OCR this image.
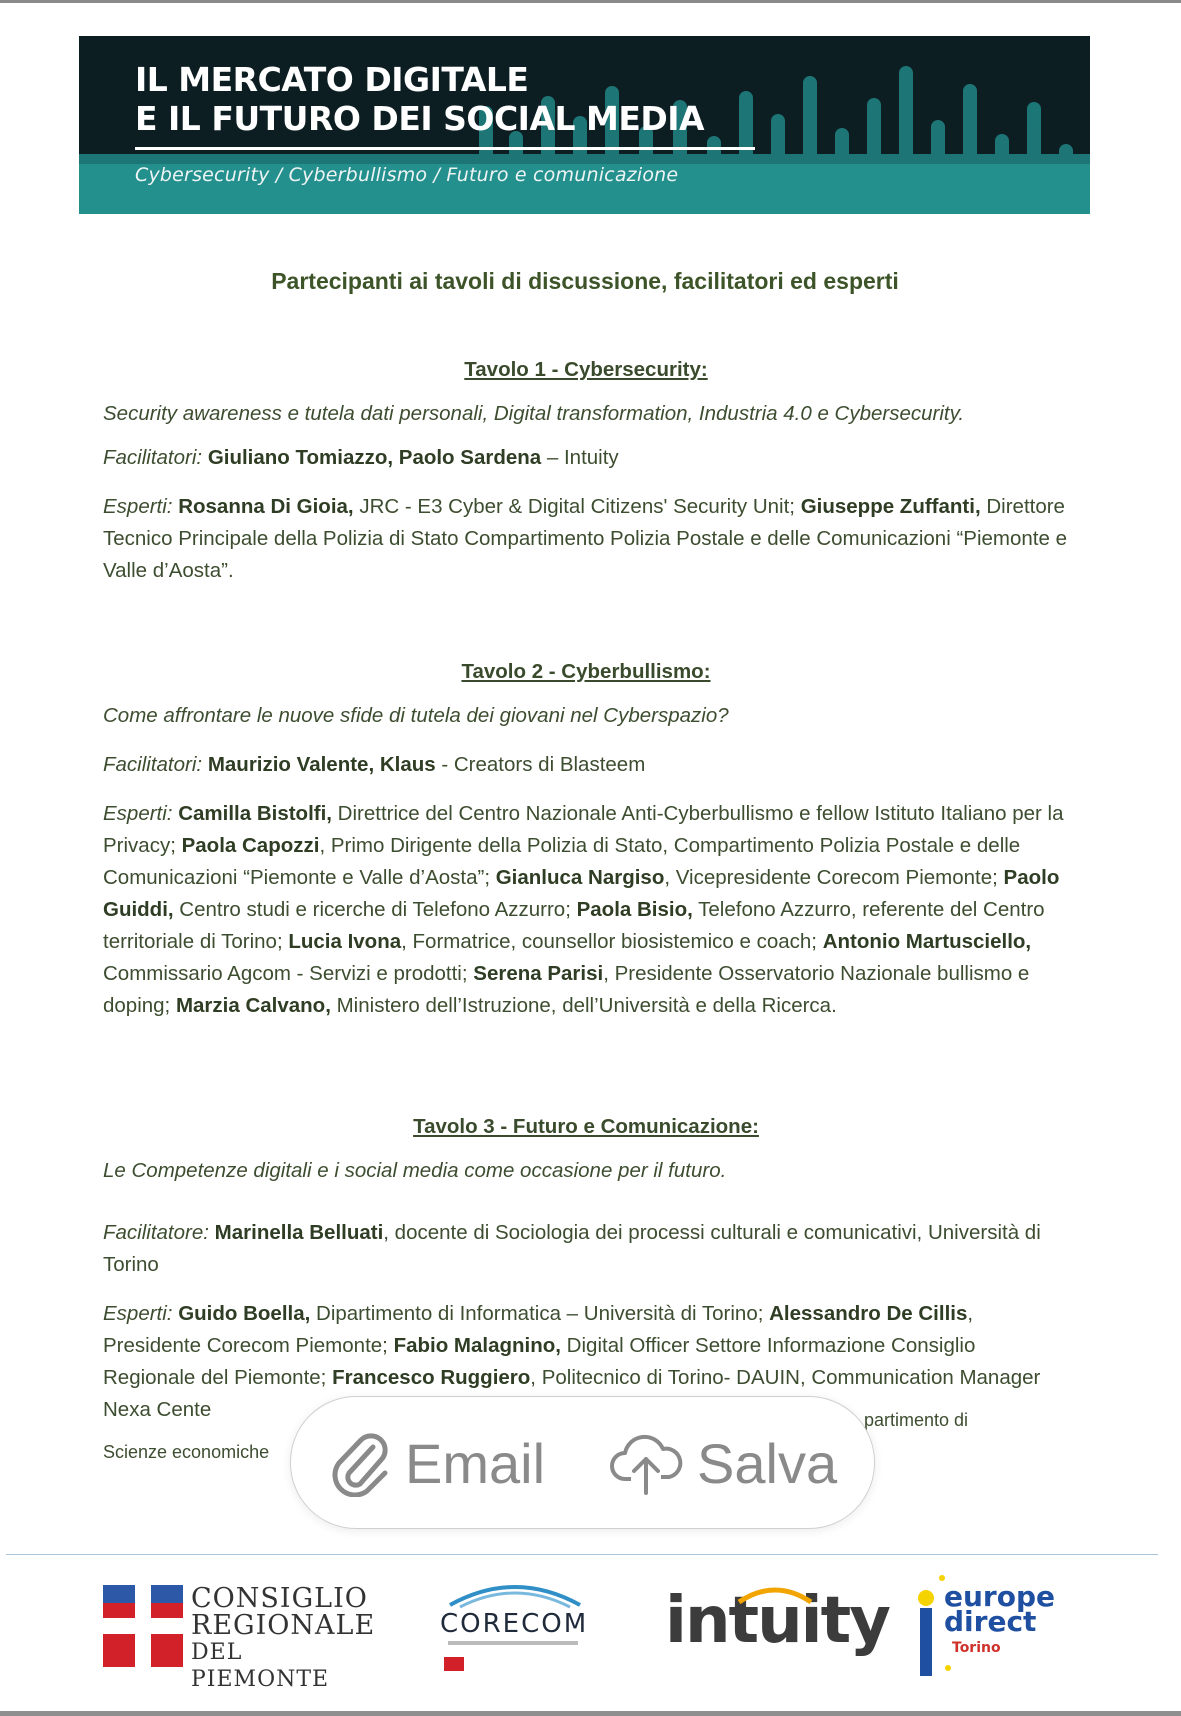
IL MERCATO DIGITALE
E IL FUTURO DEI SOCIAL MEDIA
Cybersecurity / Cyberbullismo / Futuro e comunicazione
Partecipanti ai tavoli di discussione, facilitatori ed esperti

Tavolo 1 - Cybersecurity:

Security awareness e tutela dati personali, Digital transformation, Industria 4.0 e Cybersecurity.

Facilitatori: Giuliano Tomiazzo, Paolo Sardena – Intuity

Esperti: Rosanna Di Gioia, JRC - E3 Cyber & Digital Citizens' Security Unit; Giuseppe Zuffanti, Direttore Tecnico Principale della Polizia di Stato Compartimento Polizia Postale e delle Comunicazioni “Piemonte e Valle d’Aosta”.

Tavolo 2 - Cyberbullismo:

Come affrontare le nuove sfide di tutela dei giovani nel Cyberspazio?

Facilitatori: Maurizio Valente, Klaus - Creators di Blasteem

Esperti: Camilla Bistolfi, Direttrice del Centro Nazionale Anti-Cyberbullismo e fellow Istituto Italiano per la Privacy; Paola Capozzi, Primo Dirigente della Polizia di Stato, Compartimento Polizia Postale e delle Comunicazioni “Piemonte e Valle d’Aosta”; Gianluca Nargiso, Vicepresidente Corecom Piemonte; Paolo Guiddi, Centro studi e ricerche di Telefono Azzurro; Paola Bisio, Telefono Azzurro, referente del Centro territoriale di Torino; Lucia Ivona, Formatrice, counsellor biosistemico e coach; Antonio Martusciello, Commissario Agcom - Servizi e prodotti; Serena Parisi, Presidente Osservatorio Nazionale bullismo e doping; Marzia Calvano, Ministero dell’Istruzione, dell’Università e della Ricerca.

Tavolo 3 - Futuro e Comunicazione:

Le Competenze digitali e i social media come occasione per il futuro.

Facilitatore: Marinella Belluati, docente di Sociologia dei processi culturali e comunicativi, Università di Torino

Esperti: Guido Boella, Dipartimento di Informatica – Università di Torino; Alessandro De Cillis, Presidente Corecom Piemonte; Fabio Malagnino, Digital Officer Settore Informazione Consiglio Regionale del Piemonte; Francesco Ruggiero, Politecnico di Torino- DAUIN, Communication Manager Nexa Cente	partimento di
Scienze economiche Email	Salva
CONSIGLIO
REGIONALE
DEL PIEMONTE
CORECOM intuity europe
direct
Torino
